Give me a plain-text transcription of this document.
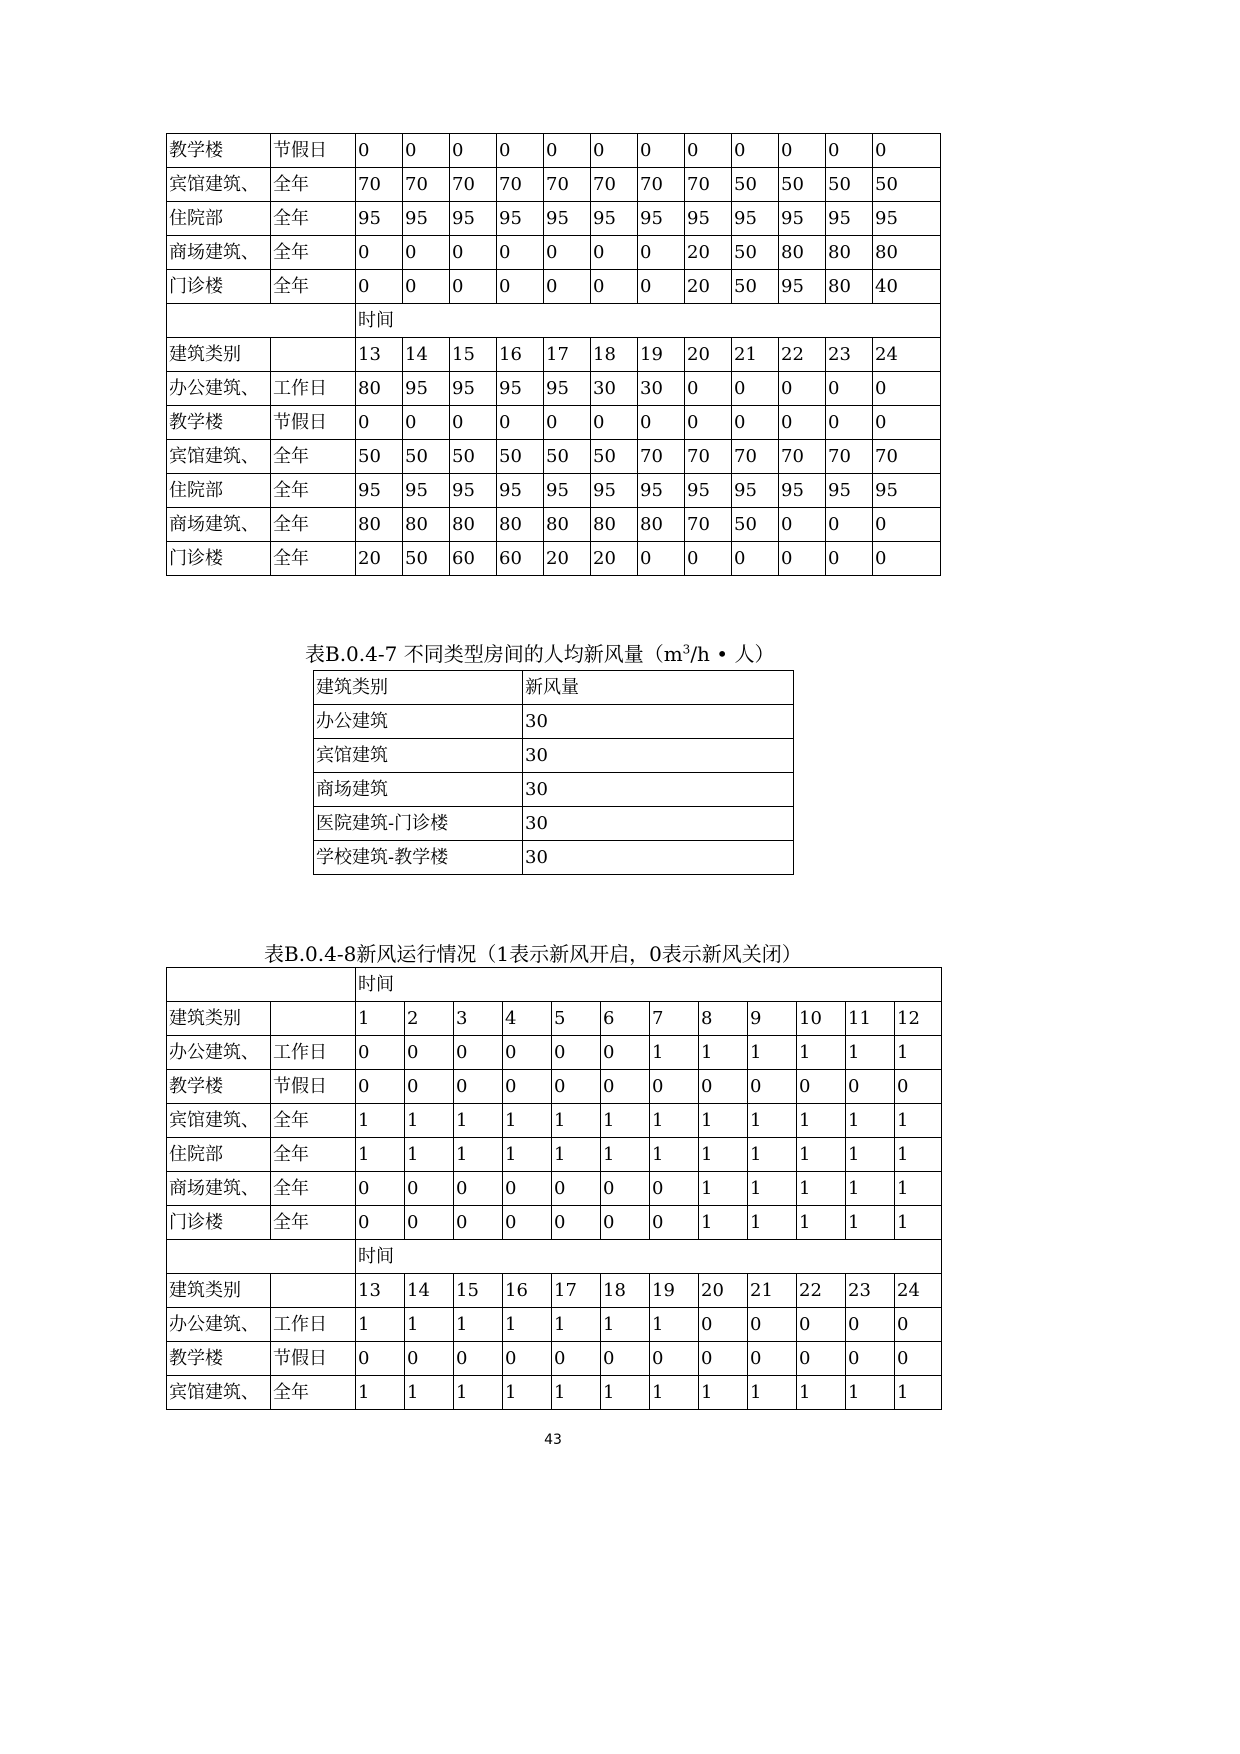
教学楼	节假日	0	0	0	0	0	0	0	0	0	0	0	0
宾馆建筑、	全年	70	70	70	70	70	70	70	70	50	50	50	50
住院部	全年	95	95	95	95	95	95	95	95	95	95	95	95
商场建筑、	全年	0	0	0	0	0	0	0	20	50	80	80	80
门诊楼	全年	0	0	0	0	0	0	0	20	50	95	80	40
		时间											
建筑类别		13	14	15	16	17	18	19	20	21	22	23	24
办公建筑、	工作日	80	95	95	95	95	30	30	0	0	0	0	0
教学楼	节假日	0	0	0	0	0	0	0	0	0	0	0	0
宾馆建筑、	全年	50	50	50	50	50	50	70	70	70	70	70	70
住院部	全年	95	95	95	95	95	95	95	95	95	95	95	95
商场建筑、	全年	80	80	80	80	80	80	80	70	50	0	0	0
门诊楼	全年	20	50	60	60	20	20	0	0	0	0	0	0
表B.0.4-7 不同类型房间的人均新风量（$m^3/h$ • 人）
建筑类别	新风量
办公建筑	30
宾馆建筑	30
商场建筑	30
医院建筑-门诊楼	30
学校建筑-教学楼	30
表B.0.4-8新风运行情况（1表示新风开启，0表示新风关闭）
		时间											
建筑类别		1	2	3	4	5	6	7	8	9	10	11	12
办公建筑、	工作日	0	0	0	0	0	0	1	1	1	1	1	1
教学楼	节假日	0	0	0	0	0	0	0	0	0	0	0	0
宾馆建筑、	全年	1	1	1	1	1	1	1	1	1	1	1	1
住院部	全年	1	1	1	1	1	1	1	1	1	1	1	1
商场建筑、	全年	0	0	0	0	0	0	0	1	1	1	1	1
门诊楼	全年	0	0	0	0	0	0	0	1	1	1	1	1
		时间											
建筑类别		13	14	15	16	17	18	19	20	21	22	23	24
办公建筑、	工作日	1	1	1	1	1	1	1	0	0	0	0	0
教学楼	节假日	0	0	0	0	0	0	0	0	0	0	0	0
宾馆建筑、	全年	1	1	1	1	1	1	1	1	1	1	1	1
43
